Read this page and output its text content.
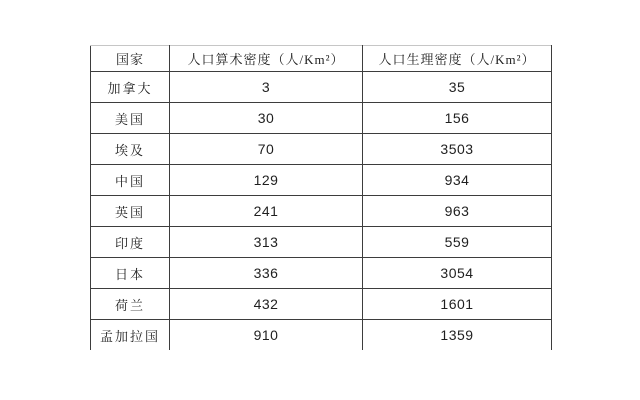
国家	人口算术密度（人/Km²）	人口生理密度（人/Km²）
加拿大	3	35
美国	30	156
埃及	70	3503
中国	129	934
英国	241	963
印度	313	559
日本	336	3054
荷兰	432	1601
孟加拉国	910	1359
